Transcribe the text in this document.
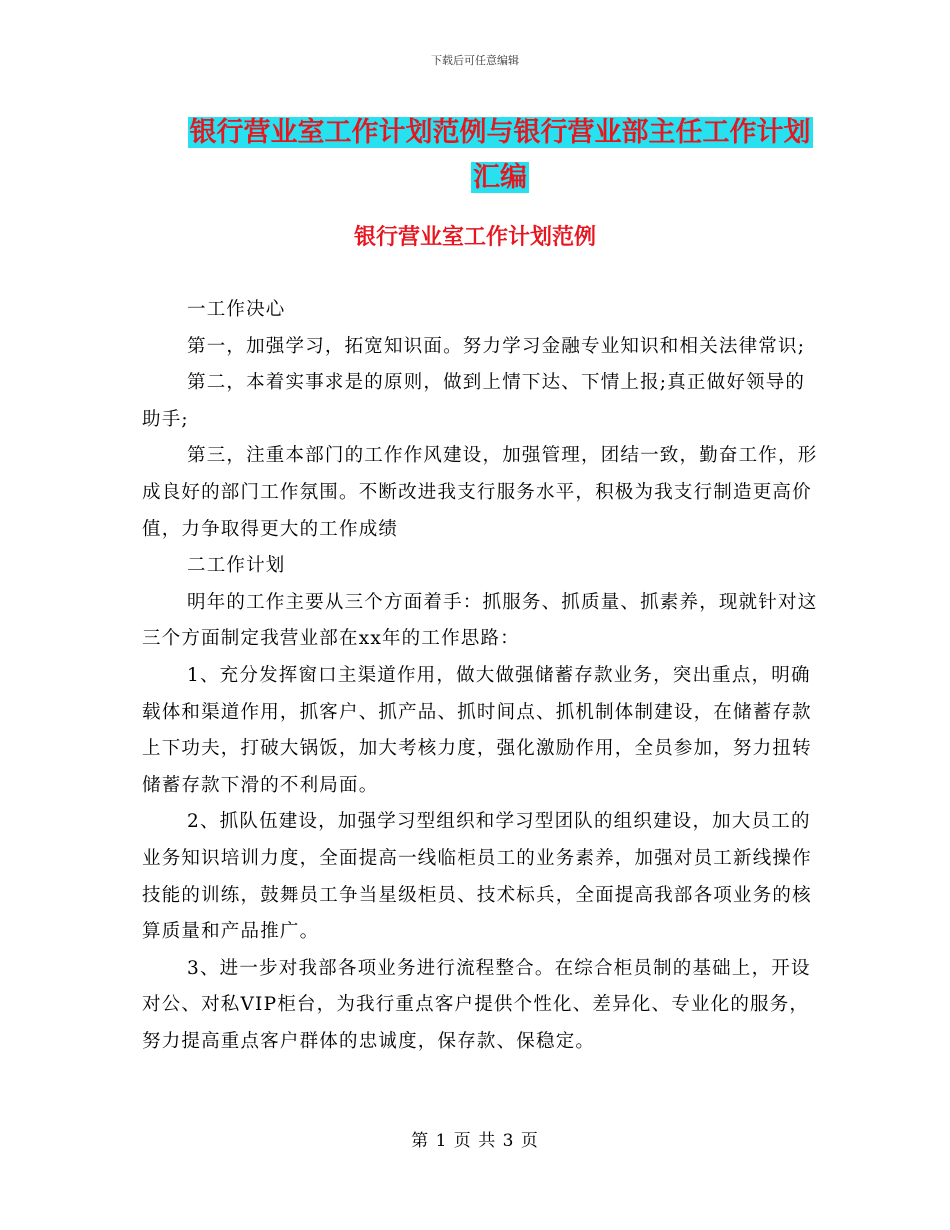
下载后可任意编辑
银行营业室工作计划范例与银行营业部主任工作计划
汇编
银行营业室工作计划范例

一工作决心

第一，加强学习，拓宽知识面。努力学习金融专业知识和相关法律常识;

第二，本着实事求是的原则，做到上情下达、下情上报;真正做好领导的助手;

第三，注重本部门的工作作风建设，加强管理，团结一致，勤奋工作，形成良好的部门工作氛围。不断改进我支行服务水平，积极为我支行制造更高价值，力争取得更大的工作成绩

二工作计划

明年的工作主要从三个方面着手：抓服务、抓质量、抓素养，现就针对这三个方面制定我营业部在xx年的工作思路：

1、充分发挥窗口主渠道作用，做大做强储蓄存款业务，突出重点，明确载体和渠道作用，抓客户、抓产品、抓时间点、抓机制体制建设，在储蓄存款上下功夫，打破大锅饭，加大考核力度，强化激励作用，全员参加，努力扭转储蓄存款下滑的不利局面。

2、抓队伍建设，加强学习型组织和学习型团队的组织建设，加大员工的业务知识培训力度，全面提高一线临柜员工的业务素养，加强对员工新线操作技能的训练，鼓舞员工争当星级柜员、技术标兵，全面提高我部各项业务的核算质量和产品推广。

3、进一步对我部各项业务进行流程整合。在综合柜员制的基础上，开设对公、对私VIP柜台，为我行重点客户提供个性化、差异化、专业化的服务，努力提高重点客户群体的忠诚度，保存款、保稳定。

第 1 页 共 3 页
